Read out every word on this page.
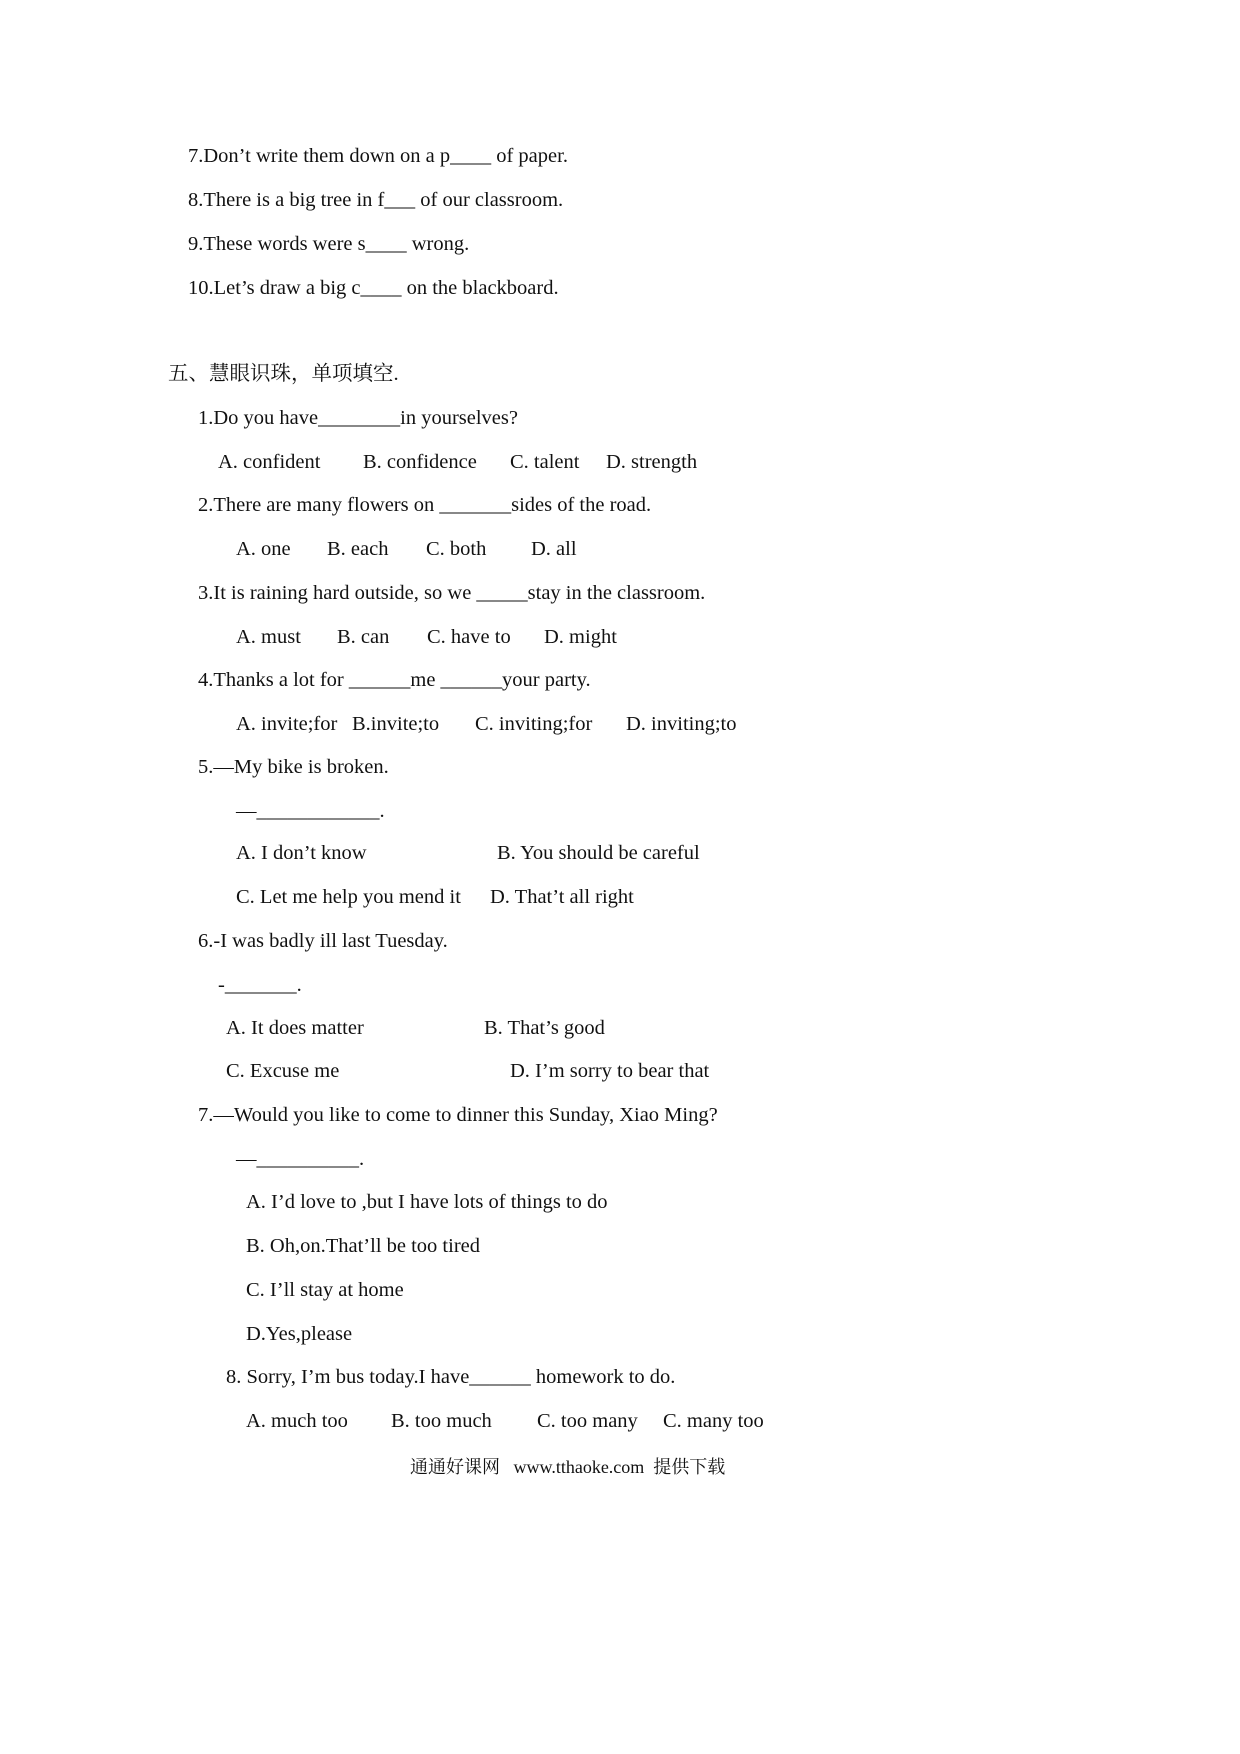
7.Don’t write them down on a p____ of paper.
8.There is a big tree in f___ of our classroom.
9.These words were s____ wrong.
10.Let’s draw a big c____ on the blackboard.
五、慧眼识珠，单项填空.
1.Do you have________in yourselves?
A. confident B. confidence C. talent D. strength
2.There are many flowers on _______sides of the road.
A. one B. each C. both D. all
3.It is raining hard outside, so we _____stay in the classroom.
A. must B. can C. have to D. might
4.Thanks a lot for ______me ______your party.
A. invite;for B.invite;to C. inviting;for D. inviting;to
5.—My bike is broken.
—____________.
A. I don’t know	B. You should be careful
C. Let me help you mend it D. That’t all right
6.-I was badly ill last Tuesday.
-_______.
A. It does matter	B. That’s good
C. Excuse me	D. I’m sorry to bear that
7.—Would you like to come to dinner this Sunday, Xiao Ming?
—__________.
A. I’d love to ,but I have lots of things to do
B. Oh,on.That’ll be too tired
C. I’ll stay at home
D.Yes,please
8. Sorry, I’m bus today.I have______ homework to do.
A. much too B. too much C. too many C. many too
通通好课网   www.tthaoke.com  提供下载
